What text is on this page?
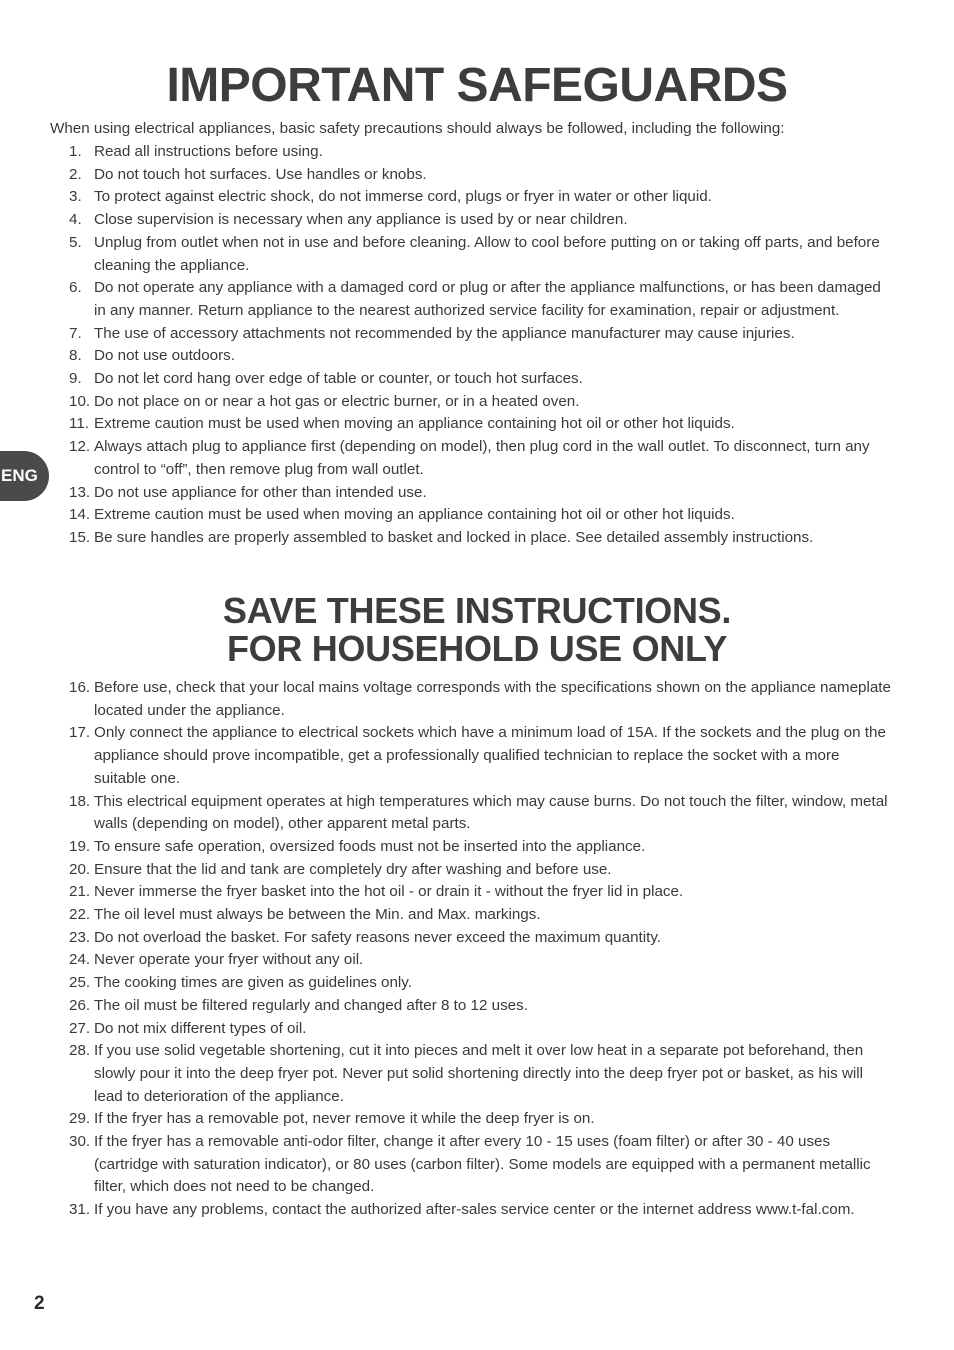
IMPORTANT SAFEGUARDS

When using electrical appliances, basic safety precautions should always be followed, including the following:

1. Read all instructions before using.
2. Do not touch hot surfaces. Use handles or knobs.
3. To protect against electric shock, do not immerse cord, plugs or fryer in water or other liquid.
4. Close supervision is necessary when any appliance is used by or near children.
5. Unplug from outlet when not in use and before cleaning. Allow to cool before putting on or taking off parts, and before cleaning the appliance.
6. Do not operate any appliance with a damaged cord or plug or after the appliance malfunctions, or has been damaged in any manner. Return appliance to the nearest authorized service facility for examination, repair or adjustment.
7. The use of accessory attachments not recommended by the appliance manufacturer may cause injuries.
8. Do not use outdoors.
9. Do not let cord hang over edge of table or counter, or touch hot surfaces.
10. Do not place on or near a hot gas or electric burner, or in a heated oven.
11. Extreme caution must be used when moving an appliance containing hot oil or other hot liquids.
12. Always attach plug to appliance first (depending on model), then plug cord in the wall outlet. To disconnect, turn any control to “off”, then remove plug from wall outlet.
13. Do not use appliance for other than intended use.
14. Extreme caution must be used when moving an appliance containing hot oil or other hot liquids.
15. Be sure handles are properly assembled to basket and locked in place. See detailed assembly instructions.
SAVE THESE INSTRUCTIONS.
FOR HOUSEHOLD USE ONLY
16. Before use, check that your local mains voltage corresponds with the specifications shown on the appliance nameplate located under the appliance.
17. Only connect the appliance to electrical sockets which have a minimum load of 15A. If the sockets and the plug on the appliance should prove incompatible, get a professionally qualified technician to replace the socket with a more suitable one.
18. This electrical equipment operates at high temperatures which may cause burns. Do not touch the filter, window, metal walls (depending on model), other apparent metal parts.
19. To ensure safe operation, oversized foods must not be inserted into the appliance.
20. Ensure that the lid and tank are completely dry after washing and before use.
21. Never immerse the fryer basket into the hot oil - or drain it - without the fryer lid in place.
22. The oil level must always be between the Min. and Max. markings.
23. Do not overload the basket. For safety reasons never exceed the maximum quantity.
24. Never operate your fryer without any oil.
25. The cooking times are given as guidelines only.
26. The oil must be filtered regularly and changed after 8 to 12 uses.
27. Do not mix different types of oil.
28. If you use solid vegetable shortening, cut it into pieces and melt it over low heat in a separate pot beforehand, then slowly pour it into the deep fryer pot. Never put solid shortening directly into the deep fryer pot or basket, as his will lead to deterioration of the appliance.
29. If the fryer has a removable pot, never remove it while the deep fryer is on.
30. If the fryer has a removable anti-odor filter, change it after every 10 - 15 uses (foam filter) or after 30 - 40 uses (cartridge with saturation indicator), or 80 uses (carbon filter). Some models are equipped with a permanent metallic filter, which does not need to be changed.
31. If you have any problems, contact the authorized after-sales service center or the internet address www.t-fal.com.
ENG
2
